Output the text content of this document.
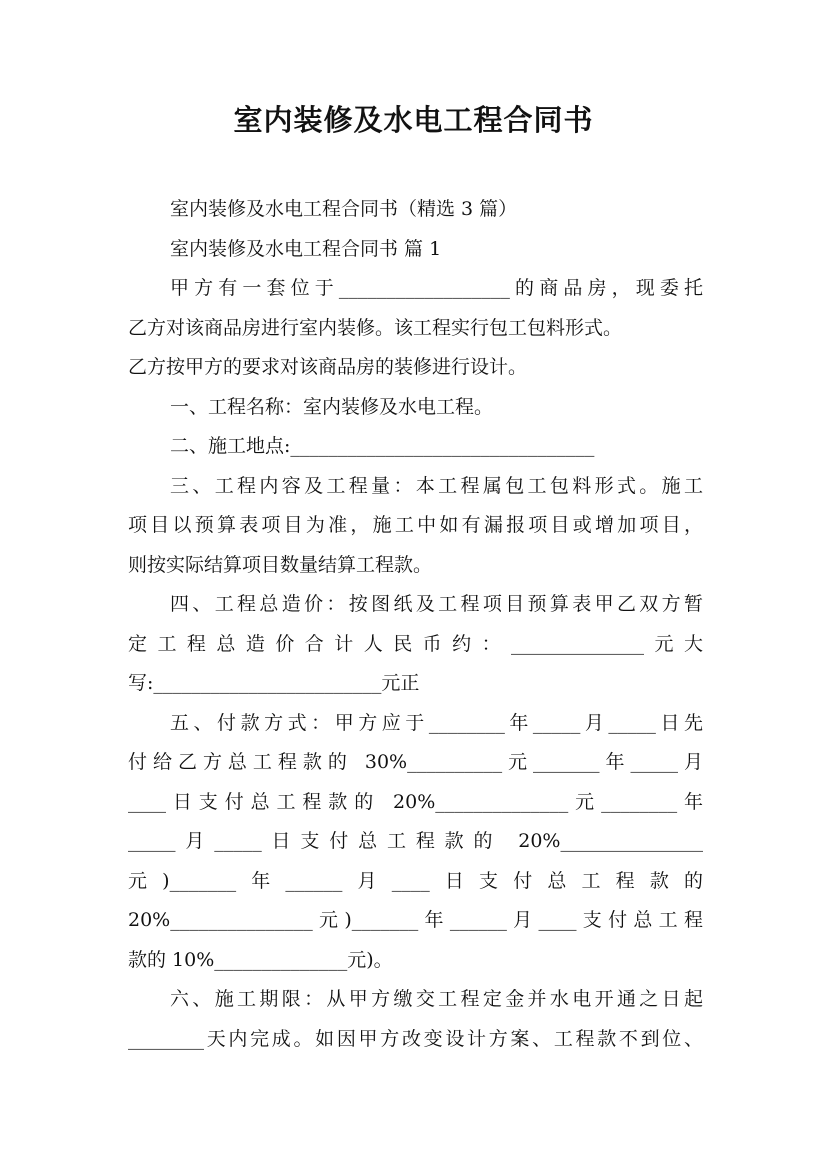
室内装修及水电工程合同书

室内装修及水电工程合同书（精选 3 篇）

室内装修及水电工程合同书 篇 1

甲方有一套位于__________________的商品房，现委托

乙方对该商品房进行室内装修。该工程实行包工包料形式。

乙方按甲方的要求对该商品房的装修进行设计。

一、工程名称：室内装修及水电工程。

二、施工地点:________________________________

三、工程内容及工程量：本工程属包工包料形式。施工

项目以预算表项目为准，施工中如有漏报项目或增加项目，

则按实际结算项目数量结算工程款。

四、工程总造价：按图纸及工程项目预算表甲乙双方暂

定工程总造价合计人民币约：______________元大

写:________________________元正

五、付款方式：甲方应于________年_____月_____日先

付给乙方总工程款的 30%__________元_______年_____月

____日支付总工程款的 20%______________元________年

_____月_____日支付总工程款的 20%_______________

元)_______年______月____日支付总工程款的

20%_______________元)_______年______月____支付总工程

款的 10%______________元)。

六、施工期限：从甲方缴交工程定金并水电开通之日起

________天内完成。如因甲方改变设计方案、工程款不到位、
